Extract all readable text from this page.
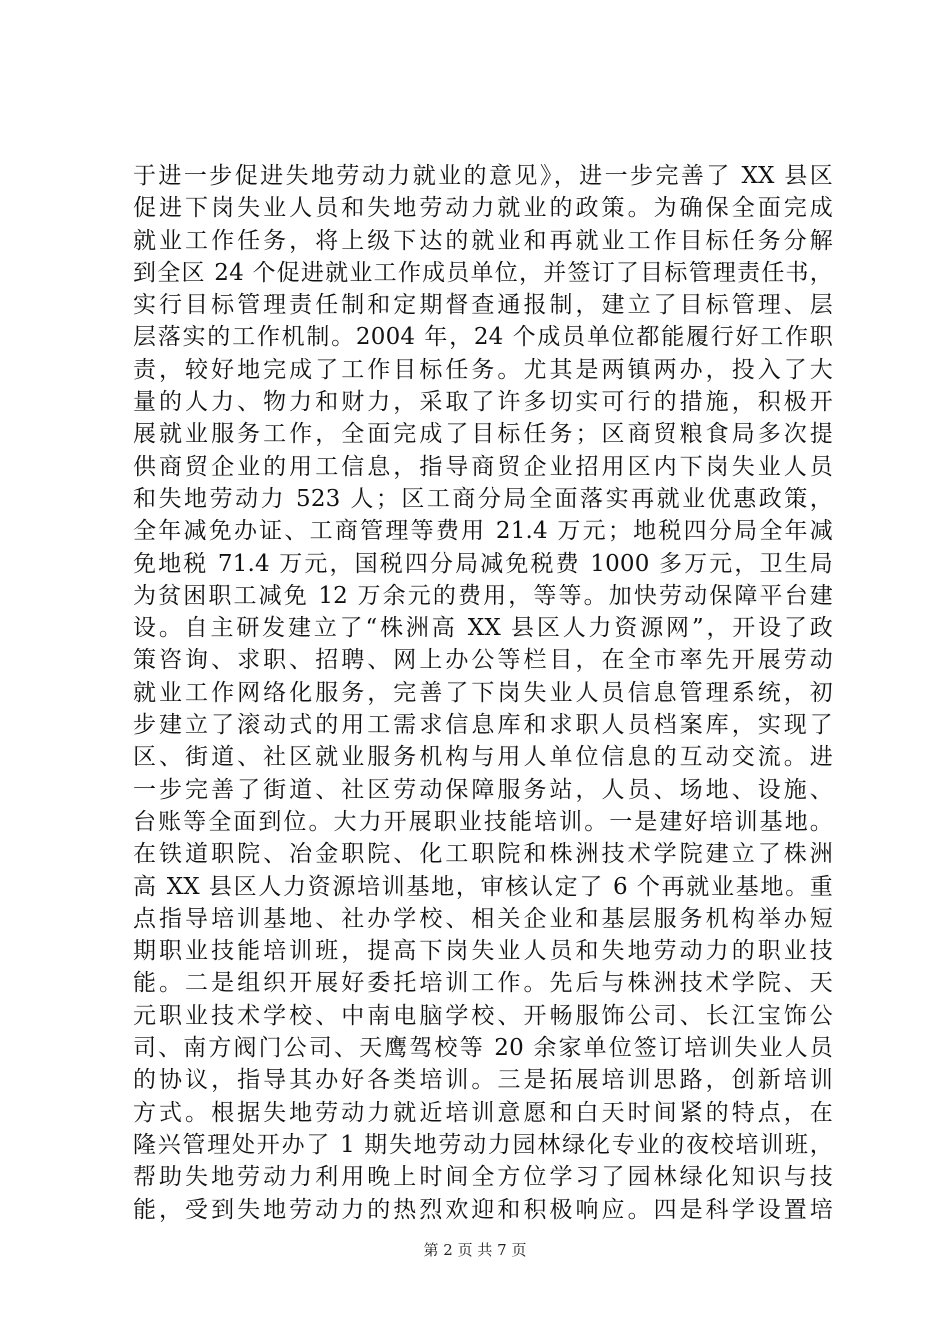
于进一步促进失地劳动力就业的意见》，进一步完善了 XX 县区
促进下岗失业人员和失地劳动力就业的政策。为确保全面完成
就业工作任务，将上级下达的就业和再就业工作目标任务分解
到全区 24 个促进就业工作成员单位，并签订了目标管理责任书，
实行目标管理责任制和定期督查通报制，建立了目标管理、层
层落实的工作机制。2004 年，24 个成员单位都能履行好工作职
责，较好地完成了工作目标任务。尤其是两镇两办，投入了大
量的人力、物力和财力，采取了许多切实可行的措施，积极开
展就业服务工作，全面完成了目标任务；区商贸粮食局多次提
供商贸企业的用工信息，指导商贸企业招用区内下岗失业人员
和失地劳动力 523 人；区工商分局全面落实再就业优惠政策，
全年减免办证、工商管理等费用 21.4 万元；地税四分局全年减
免地税 71.4 万元，国税四分局减免税费 1000 多万元，卫生局
为贫困职工减免 12 万余元的费用，等等。加快劳动保障平台建
设。自主研发建立了“株洲高 XX 县区人力资源网”，开设了政
策咨询、求职、招聘、网上办公等栏目，在全市率先开展劳动
就业工作网络化服务，完善了下岗失业人员信息管理系统，初
步建立了滚动式的用工需求信息库和求职人员档案库，实现了
区、街道、社区就业服务机构与用人单位信息的互动交流。进
一步完善了街道、社区劳动保障服务站，人员、场地、设施、
台账等全面到位。大力开展职业技能培训。一是建好培训基地。
在铁道职院、冶金职院、化工职院和株洲技术学院建立了株洲
高 XX 县区人力资源培训基地，审核认定了 6 个再就业基地。重
点指导培训基地、社办学校、相关企业和基层服务机构举办短
期职业技能培训班，提高下岗失业人员和失地劳动力的职业技
能。二是组织开展好委托培训工作。先后与株洲技术学院、天
元职业技术学校、中南电脑学校、开畅服饰公司、长江宝饰公
司、南方阀门公司、天鹰驾校等 20 余家单位签订培训失业人员
的协议，指导其办好各类培训。三是拓展培训思路，创新培训
方式。根据失地劳动力就近培训意愿和白天时间紧的特点，在
隆兴管理处开办了 1 期失地劳动力园林绿化专业的夜校培训班，
帮助失地劳动力利用晚上时间全方位学习了园林绿化知识与技
能，受到失地劳动力的热烈欢迎和积极响应。四是科学设置培
第 2 页 共 7 页
